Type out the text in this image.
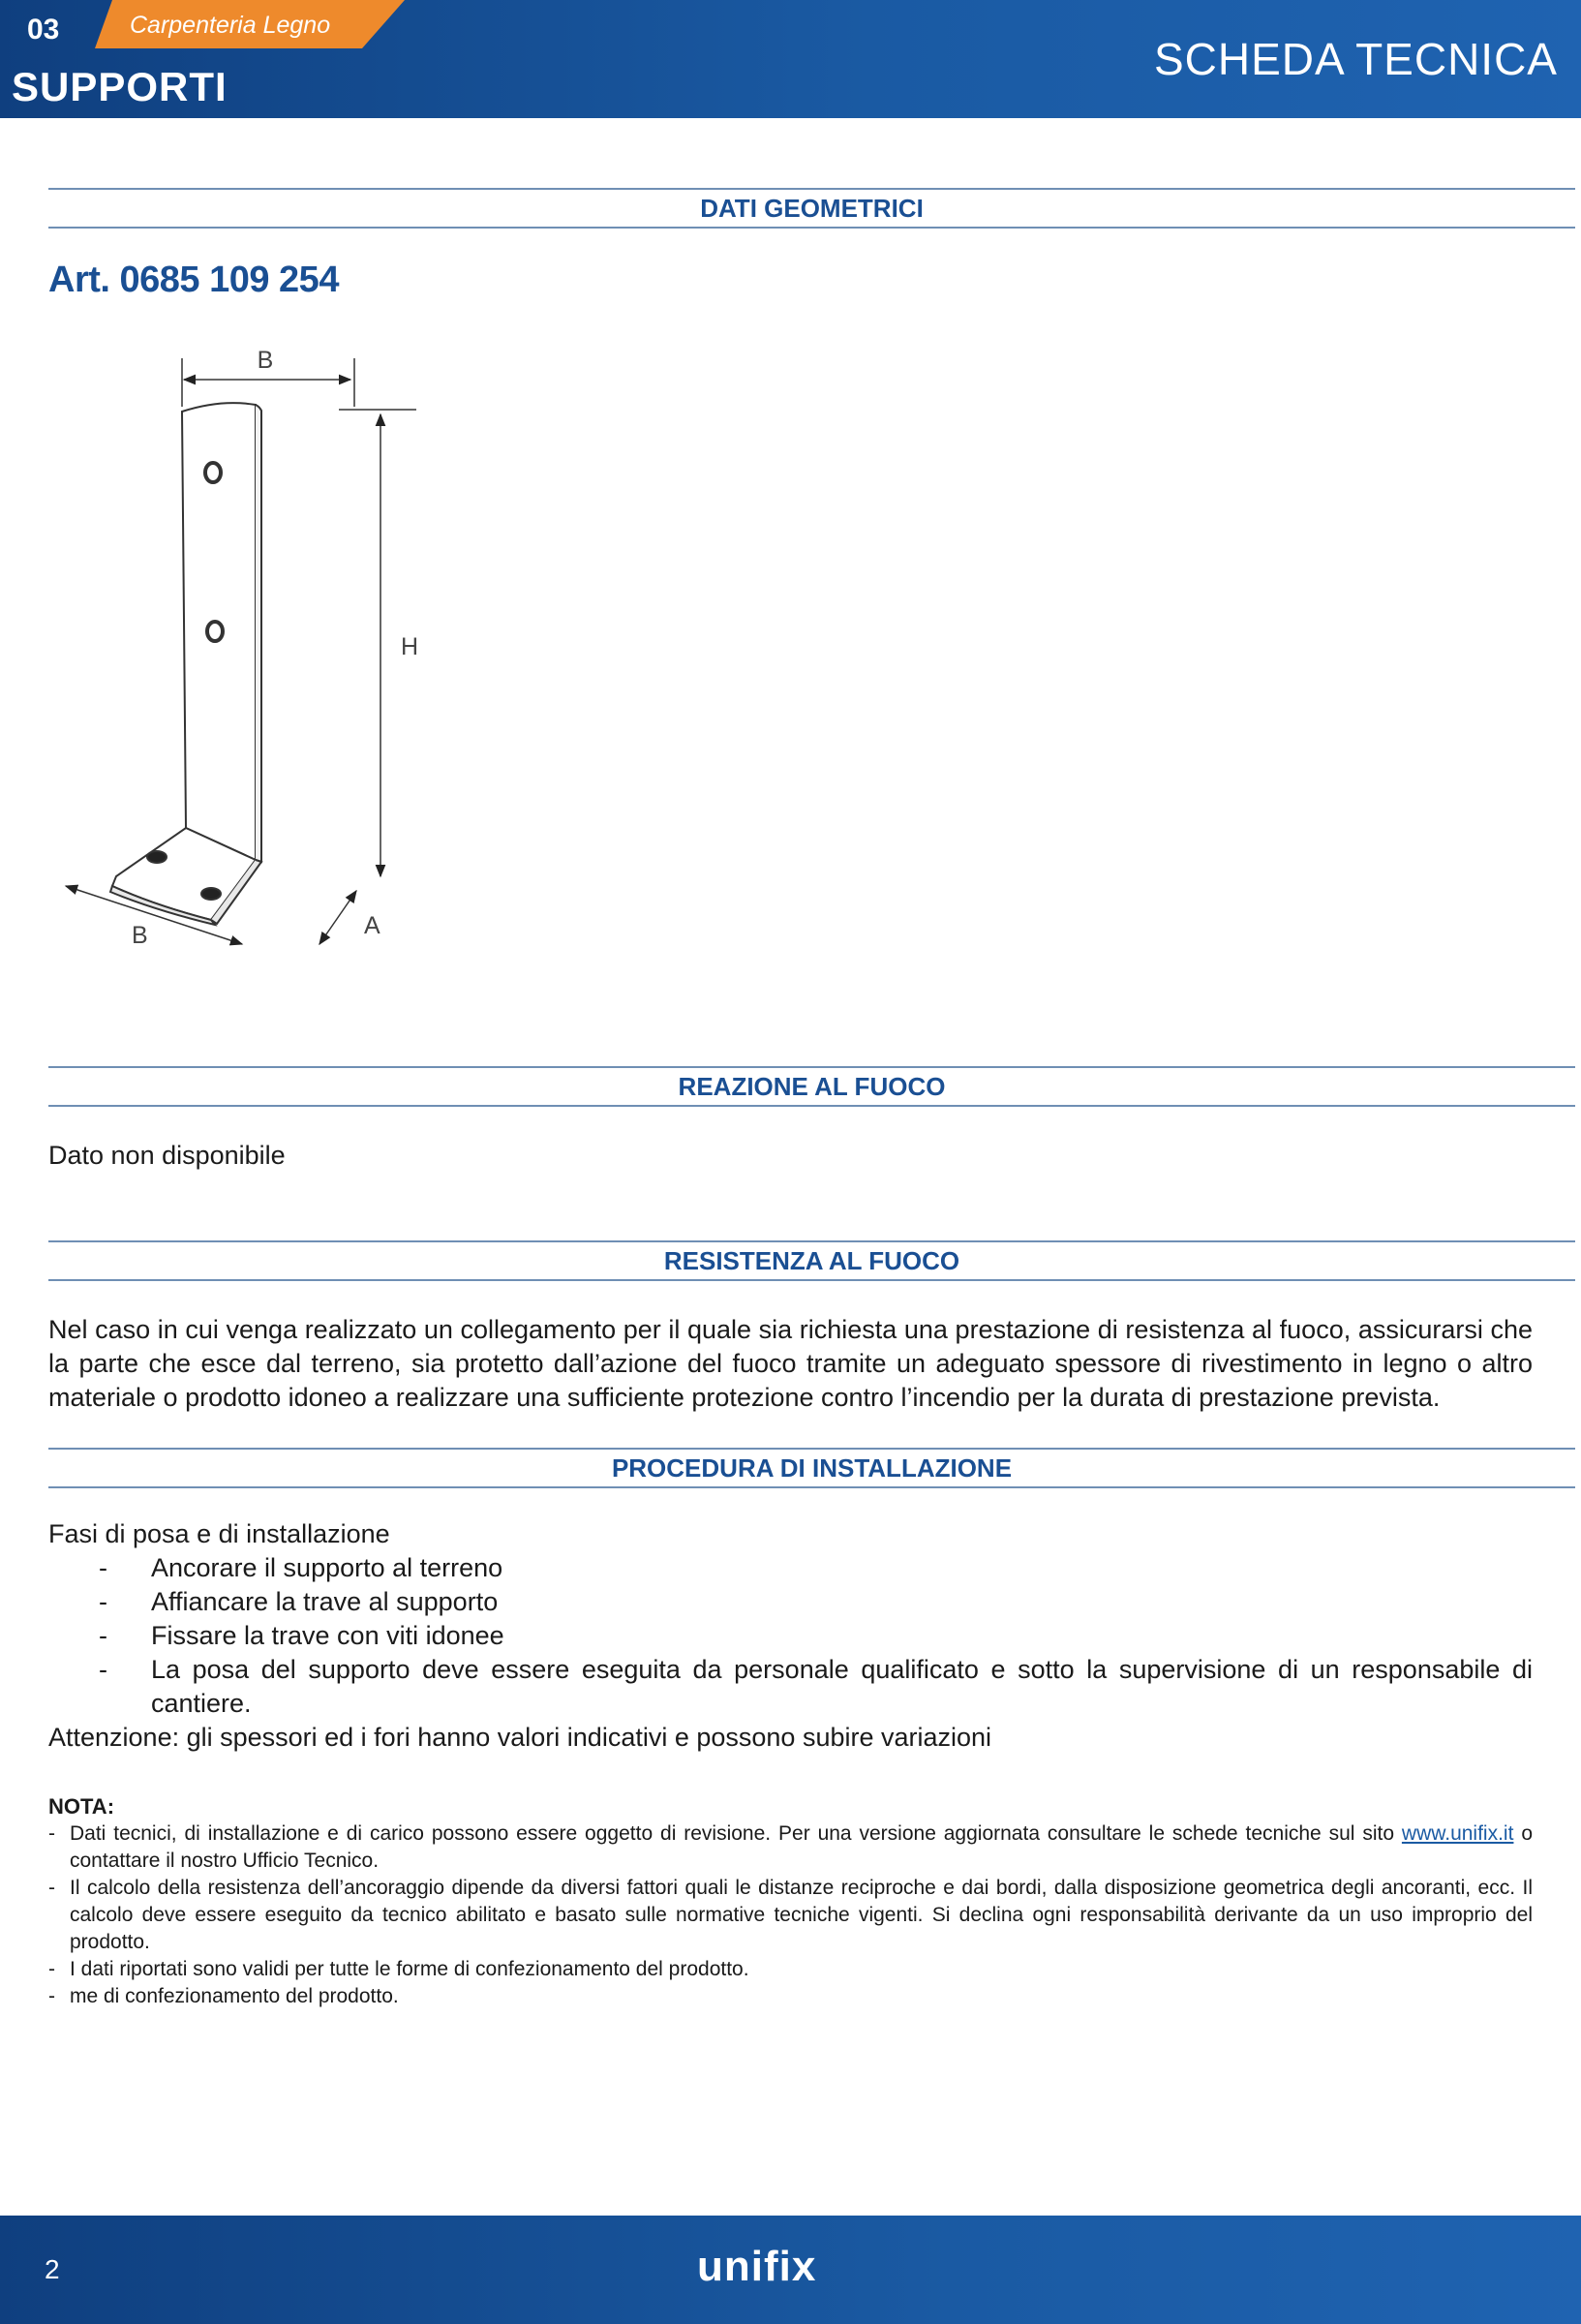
03	Carpenteria Legno
SUPPORTI
SCHEDA TECNICA
DATI GEOMETRICI
Art. 0685 109 254
B
H
B	A
REAZIONE AL FUOCO
Dato non disponibile
RESISTENZA AL FUOCO
Nel caso in cui venga realizzato un collegamento per il quale sia richiesta una prestazione di resistenza al fuoco, assicurarsi che la parte che esce dal terreno, sia protetto dall’azione del fuoco tramite un adeguato spessore di rivestimento in legno o altro materiale o prodotto idoneo a realizzare una sufficiente protezione contro l’incendio per la durata di prestazione prevista.
PROCEDURA DI INSTALLAZIONE
Fasi di posa e di installazione
-	Ancorare il supporto al terreno
-	Affiancare la trave al supporto
-	Fissare la trave con viti idonee
-	La posa del supporto deve essere eseguita da personale qualificato e sotto la supervisione di un responsabile di cantiere.
Attenzione: gli spessori ed i fori hanno valori indicativi e possono subire variazioni
NOTA:
- Dati tecnici, di installazione e di carico possono essere oggetto di revisione. Per una versione aggiornata consultare le schede tecniche sul sito www.unifix.it o contattare il nostro Ufficio Tecnico.
- Il calcolo della resistenza dell’ancoraggio dipende da diversi fattori quali le distanze reciproche e dai bordi, dalla disposizione geometrica degli ancoranti, ecc. Il calcolo deve essere eseguito da tecnico abilitato e basato sulle normative tecniche vigenti. Si declina ogni responsabilità derivante da un uso improprio del prodotto.
- I dati riportati sono validi per tutte le forme di confezionamento del prodotto.
- me di confezionamento del prodotto.
2	unifix
